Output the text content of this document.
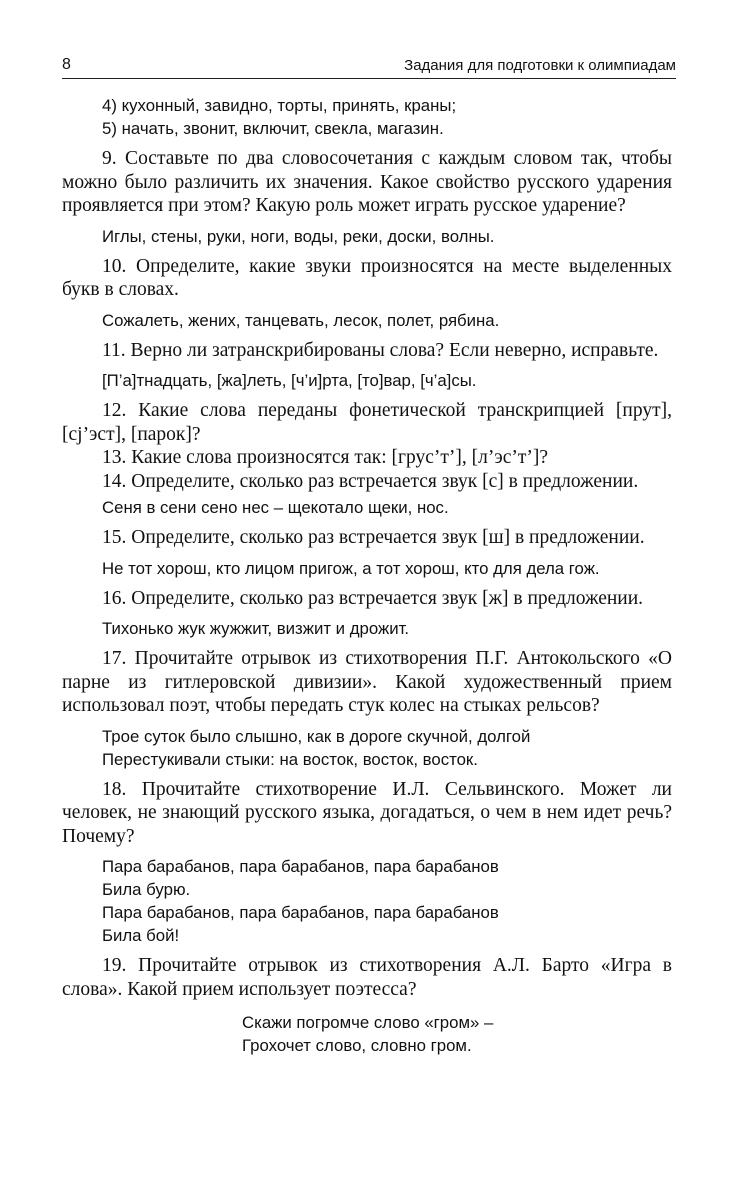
8	Задания для подготовки к олимпиадам

4) кухонный, завидно, торты, принять, краны;

5) начать, звонит, включит, свекла, магазин.

9. Составьте по два словосочетания с каждым словом так, чтобы можно было различить их значения. Какое свойство русского ударения проявляется при этом? Какую роль может играть русское ударение?

Иглы, стены, руки, ноги, воды, реки, доски, волны.

10. Определите, какие звуки произносятся на месте выделенных букв в словах.

Сожалеть, жених, танцевать, лесок, полет, рябина.

11. Верно ли затранскрибированы слова? Если неверно, исправьте.

[П’а]тнадцать, [жа]леть, [ч’и]рта, [то]вар, [ч’а]сы.

12. Какие слова переданы фонетической транскрипцией [прут], [сj’эст], [парок]?

13. Какие слова произносятся так: [грус’т’], [л’эс’т’]?

14. Определите, сколько раз встречается звук [с] в предложении.

Сеня в сени сено нес – щекотало щеки, нос.

15. Определите, сколько раз встречается звук [ш] в предложении.

Не тот хорош, кто лицом пригож, а тот хорош, кто для дела гож.

16. Определите, сколько раз встречается звук [ж] в предложении.

Тихонько жук жужжит, визжит и дрожит.

17. Прочитайте отрывок из стихотворения П.Г. Антокольского «О парне из гитлеровской дивизии». Какой художественный прием использовал поэт, чтобы передать стук колес на стыках рельсов?

Трое суток было слышно, как в дороге скучной, долгой

Перестукивали стыки: на восток, восток, восток.

18. Прочитайте стихотворение И.Л. Сельвинского. Может ли человек, не знающий русского языка, догадаться, о чем в нем идет речь? Почему?

Пара барабанов, пара барабанов, пара барабанов

Била бурю.

Пара барабанов, пара барабанов, пара барабанов

Била бой!

19. Прочитайте отрывок из стихотворения А.Л. Барто «Игра в слова». Какой прием использует поэтесса?

Скажи погромче слово «гром» –

Грохочет слово, словно гром.
